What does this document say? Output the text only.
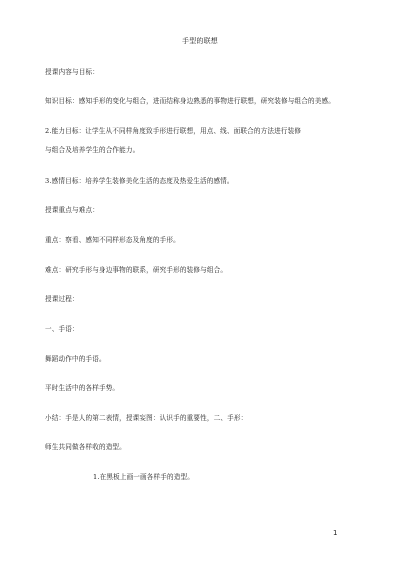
手型的联想
授课内容与目标：
知识目标：感知手形的变化与组合，进而结称身边熟悉的事物进行联想，研究装修与组合的美感。
2.能力目标：让学生从不同样角度致手形进行联想，用点、线、面联合的方法进行装修
与组合及培养学生的合作能力。
3.感情目标：培养学生装修美化生活的态度及热爱生活的感情。
授课重点与难点：
重点：察看、感知不同样形态及角度的手形。
难点：研究手形与身边事物的联系，研究手形的装修与组合。
授课过程：
一、手语：
舞蹈动作中的手语。
平时生活中的各样手势。
小结：手是人的第二表情，授课妄图：认识手的重要性，二、手形：
师生共同做各样收的造型。
1.在黑板上画一画各样手的造型。
1
